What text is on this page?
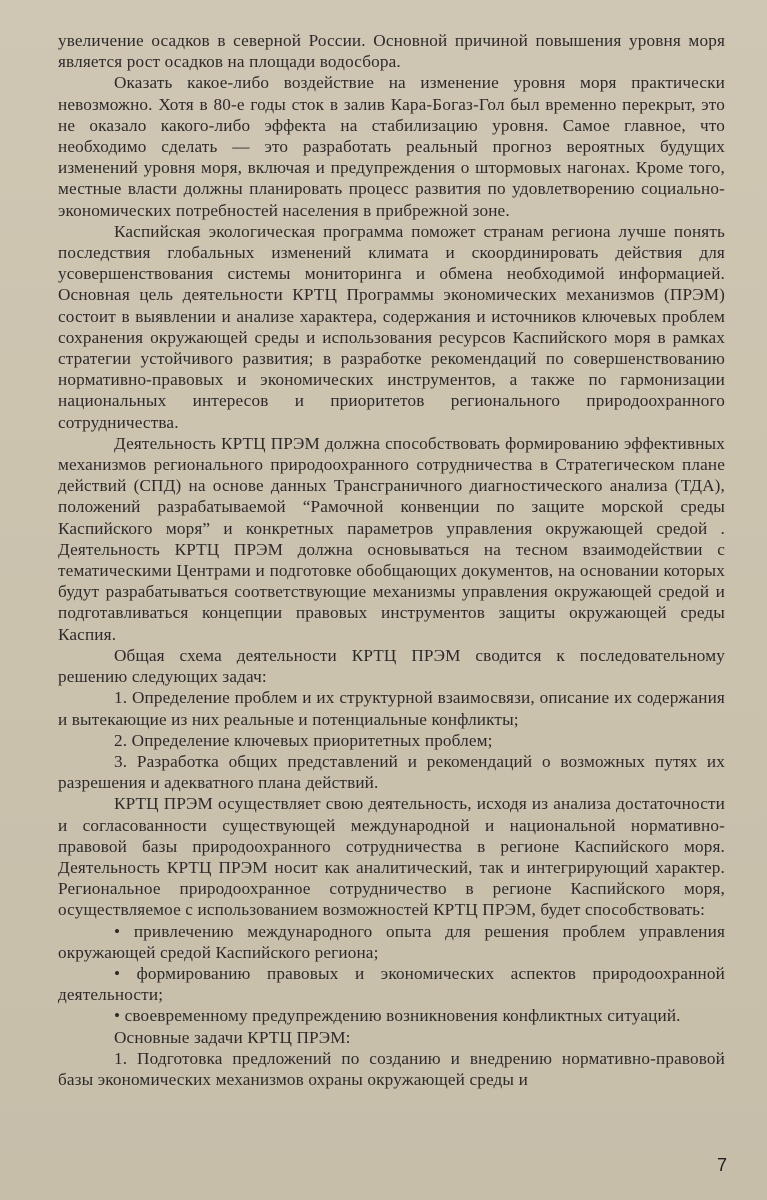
увеличение осадков в северной России. Основной причиной повышения уровня моря является рост осадков на площади водосбора.

Оказать какое-либо воздействие на изменение уровня моря практически невозможно. Хотя в 80-е годы сток в залив Кара-Богаз-Гол был временно перекрыт, это не оказало какого-либо эффекта на стабилизацию уровня. Самое главное, что необходимо сделать — это разработать реальный прогноз вероятных будущих изменений уровня моря, включая и предупреждения о штормовых нагонах. Кроме того, местные власти должны планировать процесс развития по удовлетворению социально-экономических потребностей населения в прибрежной зоне.

Каспийская экологическая программа поможет странам региона лучше понять последствия глобальных изменений климата и скоординировать действия для усовершенствования системы мониторинга и обмена необходимой информацией. Основная цель деятельности КРТЦ Программы экономических механизмов (ПРЭМ) состоит в выявлении и анализе характера, содержания и источников ключевых проблем сохранения окружающей среды и использования ресурсов Каспийского моря в рамках стратегии устойчивого развития; в разработке рекомендаций по совершенствованию нормативно-правовых и экономических инструментов, а также по гармонизации национальных интересов и приоритетов регионального природоохранного сотрудничества.

Деятельность КРТЦ ПРЭМ должна способствовать формированию эффективных механизмов регионального природоохранного сотрудничества в Стратегическом плане действий (СПД) на основе данных Трансграничного диагностического анализа (ТДА), положений разрабатываемой “Рамочной конвенции по защите морской среды Каспийского моря” и конкретных параметров управления окружающей средой . Деятельность КРТЦ ПРЭМ должна основываться на тесном взаимодействии с тематическими Центрами и подготовке обобщающих документов, на основании которых будут разрабатываться соответствующие механизмы управления окружающей средой и подготавливаться концепции правовых инструментов защиты окружающей среды Каспия.

Общая схема деятельности КРТЦ ПРЭМ сводится к последовательному решению следующих задач:

1. Определение проблем и их структурной взаимосвязи, описание их содержания и вытекающие из них реальные и потенциальные конфликты;

2. Определение ключевых приоритетных проблем;

3. Разработка общих представлений и рекомендаций о возможных путях их разрешения и адекватного плана действий.

КРТЦ ПРЭМ осуществляет свою деятельность, исходя из анализа достаточности и согласованности существующей международной и национальной нормативно-правовой базы природоохранного сотрудничества в регионе Каспийского моря. Деятельность КРТЦ ПРЭМ носит как аналитический, так и интегрирующий характер. Региональное природоохранное сотрудничество в регионе Каспийского моря, осуществляемое с использованием возможностей КРТЦ ПРЭМ, будет способствовать:

• привлечению международного опыта для решения проблем управления окружающей средой Каспийского региона;

• формированию правовых и экономических аспектов природоохранной деятельности;

• своевременному предупреждению возникновения конфликтных ситуаций.

Основные задачи КРТЦ ПРЭМ:

1. Подготовка предложений по созданию и внедрению нормативно-правовой базы экономических механизмов охраны окружающей среды и

7
